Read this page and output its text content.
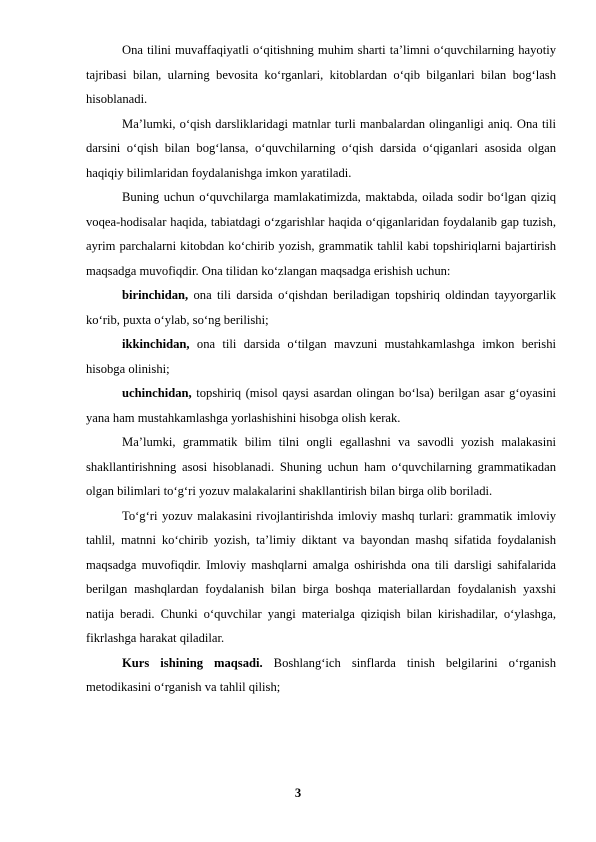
Ona tilini muvaffaqiyatli o‘qitishning muhim sharti ta’limni o‘quvchilarning hayotiy tajribasi bilan, ularning bevosita ko‘rganlari, kitoblardan o‘qib bilganlari bilan bog‘lash hisoblanadi.

Ma’lumki, o‘qish darsliklaridagi matnlar turli manbalardan olinganligi aniq. Ona tili darsini o‘qish bilan bog‘lansa, o‘quvchilarning o‘qish darsida o‘qiganlari asosida olgan haqiqiy bilimlaridan foydalanishga imkon yaratiladi.

Buning uchun o‘quvchilarga mamlakatimizda, maktabda, oilada sodir bo‘lgan qiziq voqea-hodisalar haqida, tabiatdagi o‘zgarishlar haqida o‘qiganlaridan foydalanib gap tuzish, ayrim parchalarni kitobdan ko‘chirib yozish, grammatik tahlil kabi topshiriqlarni bajartirish maqsadga muvofiqdir. Ona tilidan ko‘zlangan maqsadga erishish uchun:

birinchidan, ona tili darsida o‘qishdan beriladigan topshiriq oldindan tayyorgarlik ko‘rib, puxta o‘ylab, so‘ng berilishi;

ikkinchidan, ona tili darsida o‘tilgan mavzuni mustahkamlashga imkon berishi hisobga olinishi;

uchinchidan, topshiriq (misol qaysi asardan olingan bo‘lsa) berilgan asar g‘oyasini yana ham mustahkamlashga yorlashishini hisobga olish kerak.

Ma’lumki, grammatik bilim tilni ongli egallashni va savodli yozish malakasini shakllantirishning asosi hisoblanadi. Shuning uchun ham o‘quvchilarning grammatikadan olgan bilimlari to‘g‘ri yozuv malakalarini shakllantirish bilan birga olib boriladi.

To‘g‘ri yozuv malakasini rivojlantirishda imloviy mashq turlari: grammatik imloviy tahlil, matnni ko‘chirib yozish, ta’limiy diktant va bayondan mashq sifatida foydalanish maqsadga muvofiqdir. Imloviy mashqlarni amalga oshirishda ona tili darsligi sahifalarida berilgan mashqlardan foydalanish bilan birga boshqa materiallardan foydalanish yaxshi natija beradi. Chunki o‘quvchilar yangi materialga qiziqish bilan kirishadilar, o‘ylashga, fikrlashga harakat qiladilar.

Kurs ishining maqsadi. Boshlang‘ich sinflarda tinish belgilarini o‘rganish metodikasini o‘rganish va tahlil qilish;

3
